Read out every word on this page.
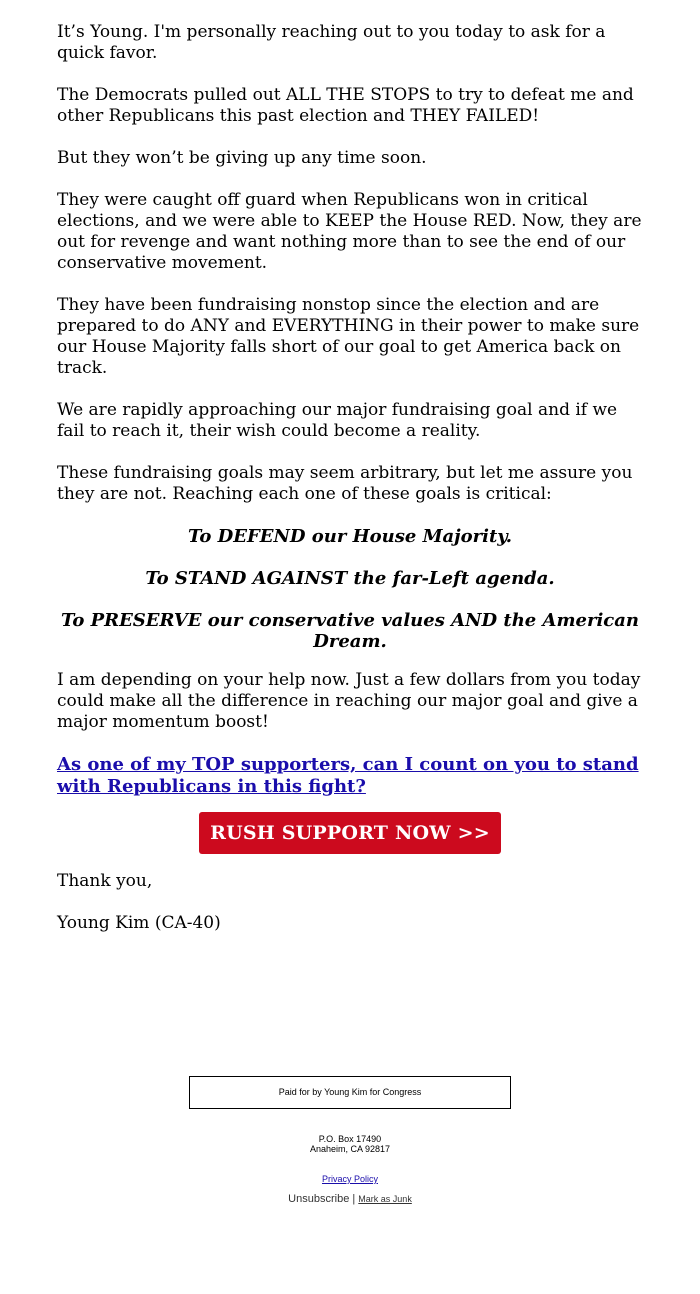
It’s Young. I'm personally reaching out to you today to ask for a quick favor.

The Democrats pulled out ALL THE STOPS to try to defeat me and other Republicans this past election and THEY FAILED!

But they won’t be giving up any time soon.

They were caught off guard when Republicans won in critical elections, and we were able to KEEP the House RED. Now, they are out for revenge and want nothing more than to see the end of our conservative movement.

They have been fundraising nonstop since the election and are prepared to do ANY and EVERYTHING in their power to make sure our House Majority falls short of our goal to get America back on track.

We are rapidly approaching our major fundraising goal and if we fail to reach it, their wish could become a reality.

These fundraising goals may seem arbitrary, but let me assure you they are not. Reaching each one of these goals is critical:

To DEFEND our House Majority.

To STAND AGAINST the far-Left agenda.

To PRESERVE our conservative values AND the American Dream.

I am depending on your help now. Just a few dollars from you today could make all the difference in reaching our major goal and give a major momentum boost!

As one of my TOP supporters, can I count on you to stand with Republicans in this fight?

RUSH SUPPORT NOW >>

Thank you,

Young Kim (CA-40)

Paid for by Young Kim for Congress
P.O. Box 17490
Anaheim, CA 92817
Privacy Policy
Unsubscribe | Mark as Junk
